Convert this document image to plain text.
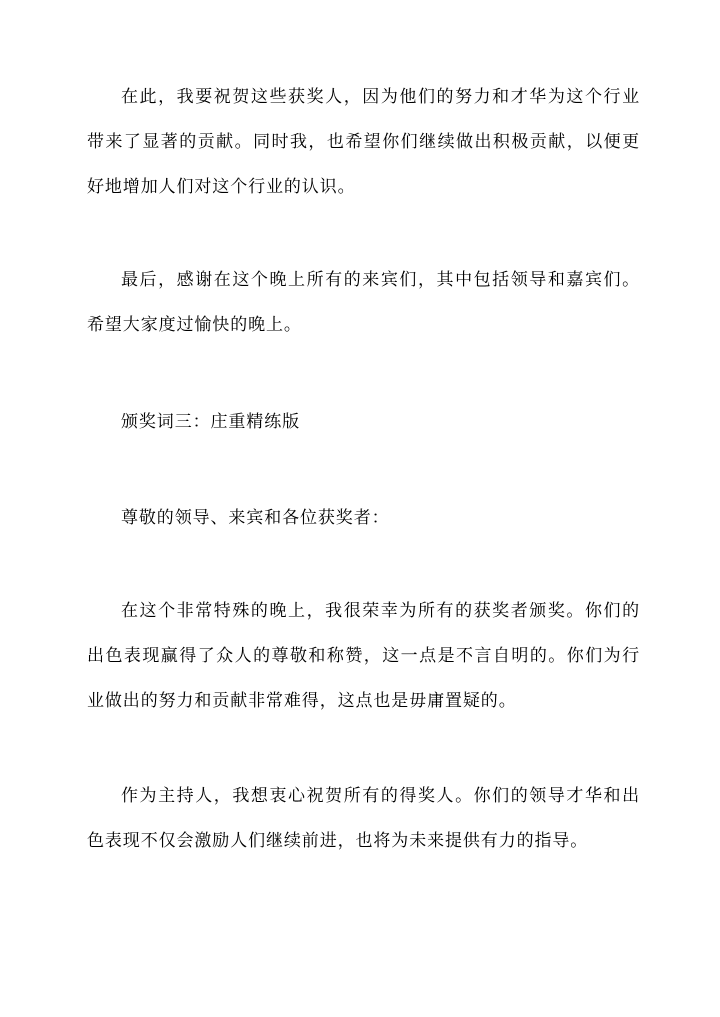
在此，我要祝贺这些获奖人，因为他们的努力和才华为这个行业带来了显著的贡献。同时我，也希望你们继续做出积极贡献，以便更好地增加人们对这个行业的认识。

最后，感谢在这个晚上所有的来宾们，其中包括领导和嘉宾们。希望大家度过愉快的晚上。

颁奖词三：庄重精练版

尊敬的领导、来宾和各位获奖者：

在这个非常特殊的晚上，我很荣幸为所有的获奖者颁奖。你们的出色表现赢得了众人的尊敬和称赞，这一点是不言自明的。你们为行业做出的努力和贡献非常难得，这点也是毋庸置疑的。

作为主持人，我想衷心祝贺所有的得奖人。你们的领导才华和出色表现不仅会激励人们继续前进，也将为未来提供有力的指导。
